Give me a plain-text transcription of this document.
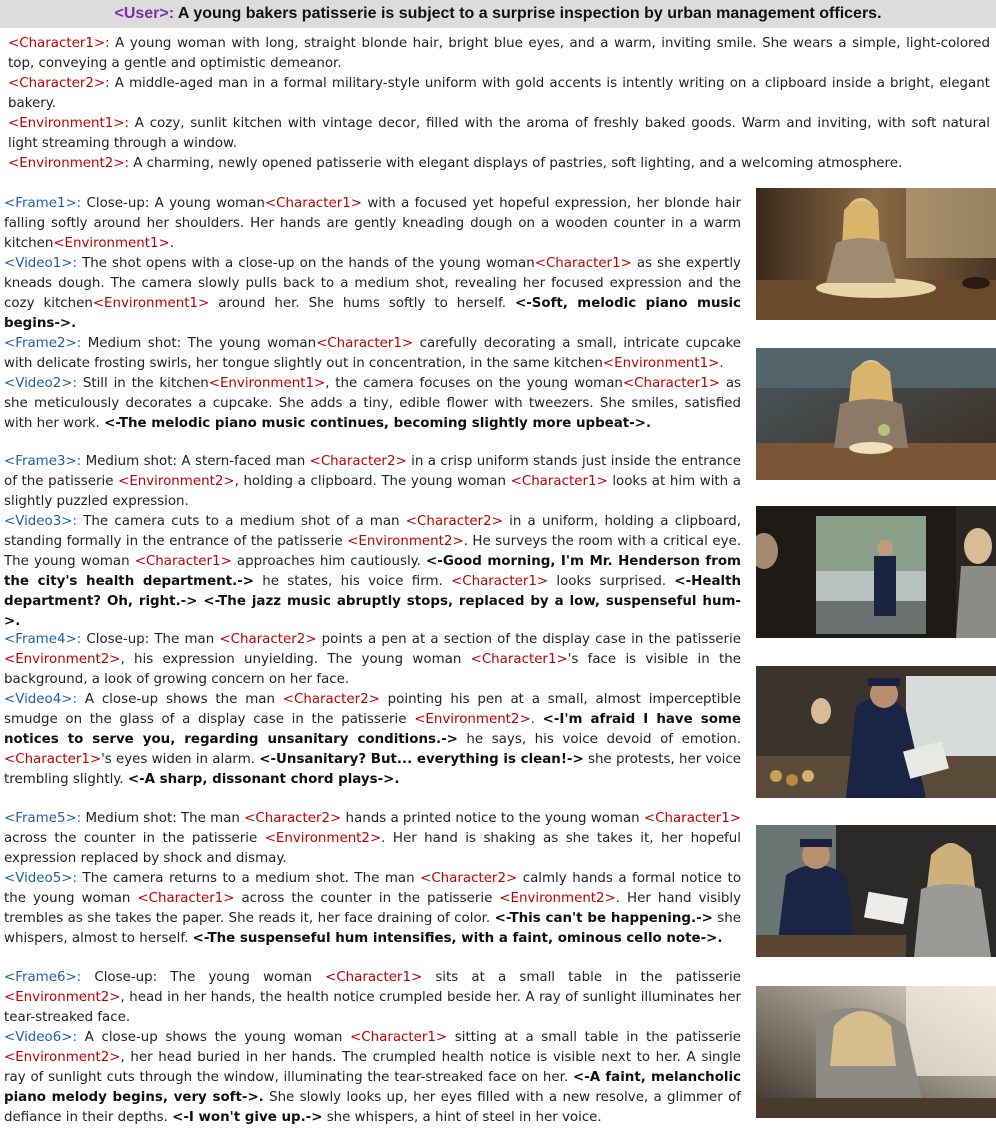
<User>: A young bakers patisserie is subject to a surprise inspection by urban management officers.

<Character1>: A young woman with long, straight blonde hair, bright blue eyes, and a warm, inviting smile. She wears a simple, light-colored top, conveying a gentle and optimistic demeanor.

<Character2>: A middle-aged man in a formal military-style uniform with gold accents is intently writing on a clipboard inside a bright, elegant bakery.

<Environment1>: A cozy, sunlit kitchen with vintage decor, filled with the aroma of freshly baked goods. Warm and inviting, with soft natural light streaming through a window.

<Environment2>: A charming, newly opened patisserie with elegant displays of pastries, soft lighting, and a welcoming atmosphere.

<Frame1>: Close-up: A young woman<Character1> with a focused yet hopeful expression, her blonde hair falling softly around her shoulders. Her hands are gently kneading dough on a wooden counter in a warm kitchen<Environment1>.

<Video1>: The shot opens with a close-up on the hands of the young woman<Character1> as she expertly kneads dough. The camera slowly pulls back to a medium shot, revealing her focused expression and the cozy kitchen<Environment1> around her. She hums softly to herself. <-Soft, melodic piano music begins->.

<Frame2>: Medium shot: The young woman<Character1> carefully decorating a small, intricate cupcake with delicate frosting swirls, her tongue slightly out in concentration, in the same kitchen<Environment1>.

<Video2>: Still in the kitchen<Environment1>, the camera focuses on the young woman<Character1> as she meticulously decorates a cupcake. She adds a tiny, edible flower with tweezers. She smiles, satisfied with her work. <-The melodic piano music continues, becoming slightly more upbeat->.

<Frame3>: Medium shot: A stern-faced man <Character2> in a crisp uniform stands just inside the entrance of the patisserie <Environment2>, holding a clipboard. The young woman <Character1> looks at him with a slightly puzzled expression.

<Video3>: The camera cuts to a medium shot of a man <Character2> in a uniform, holding a clipboard, standing formally in the entrance of the patisserie <Environment2>. He surveys the room with a critical eye. The young woman <Character1> approaches him cautiously. <-Good morning, I'm Mr. Henderson from the city's health department.-> he states, his voice firm. <Character1> looks surprised. <-Health department? Oh, right.-> <-The jazz music abruptly stops, replaced by a low, suspenseful hum->.

<Frame4>: Close-up: The man <Character2> points a pen at a section of the display case in the patisserie <Environment2>, his expression unyielding. The young woman <Character1>'s face is visible in the background, a look of growing concern on her face.

<Video4>: A close-up shows the man <Character2> pointing his pen at a small, almost imperceptible smudge on the glass of a display case in the patisserie <Environment2>. <-I'm afraid I have some notices to serve you, regarding unsanitary conditions.-> he says, his voice devoid of emotion. <Character1>'s eyes widen in alarm. <-Unsanitary? But... everything is clean!-> she protests, her voice trembling slightly. <-A sharp, dissonant chord plays->.

<Frame5>: Medium shot: The man <Character2> hands a printed notice to the young woman <Character1> across the counter in the patisserie <Environment2>. Her hand is shaking as she takes it, her hopeful expression replaced by shock and dismay.

<Video5>: The camera returns to a medium shot. The man <Character2> calmly hands a formal notice to the young woman <Character1> across the counter in the patisserie <Environment2>. Her hand visibly trembles as she takes the paper. She reads it, her face draining of color. <-This can't be happening.-> she whispers, almost to herself. <-The suspenseful hum intensifies, with a faint, ominous cello note->.

<Frame6>: Close-up: The young woman <Character1> sits at a small table in the patisserie <Environment2>, head in her hands, the health notice crumpled beside her. A ray of sunlight illuminates her tear-streaked face.

<Video6>: A close-up shows the young woman <Character1> sitting at a small table in the patisserie <Environment2>, her head buried in her hands. The crumpled health notice is visible next to her. A single ray of sunlight cuts through the window, illuminating the tear-streaked face on her. <-A faint, melancholic piano melody begins, very soft->. She slowly looks up, her eyes filled with a new resolve, a glimmer of defiance in their depths. <-I won't give up.-> she whispers, a hint of steel in her voice.
